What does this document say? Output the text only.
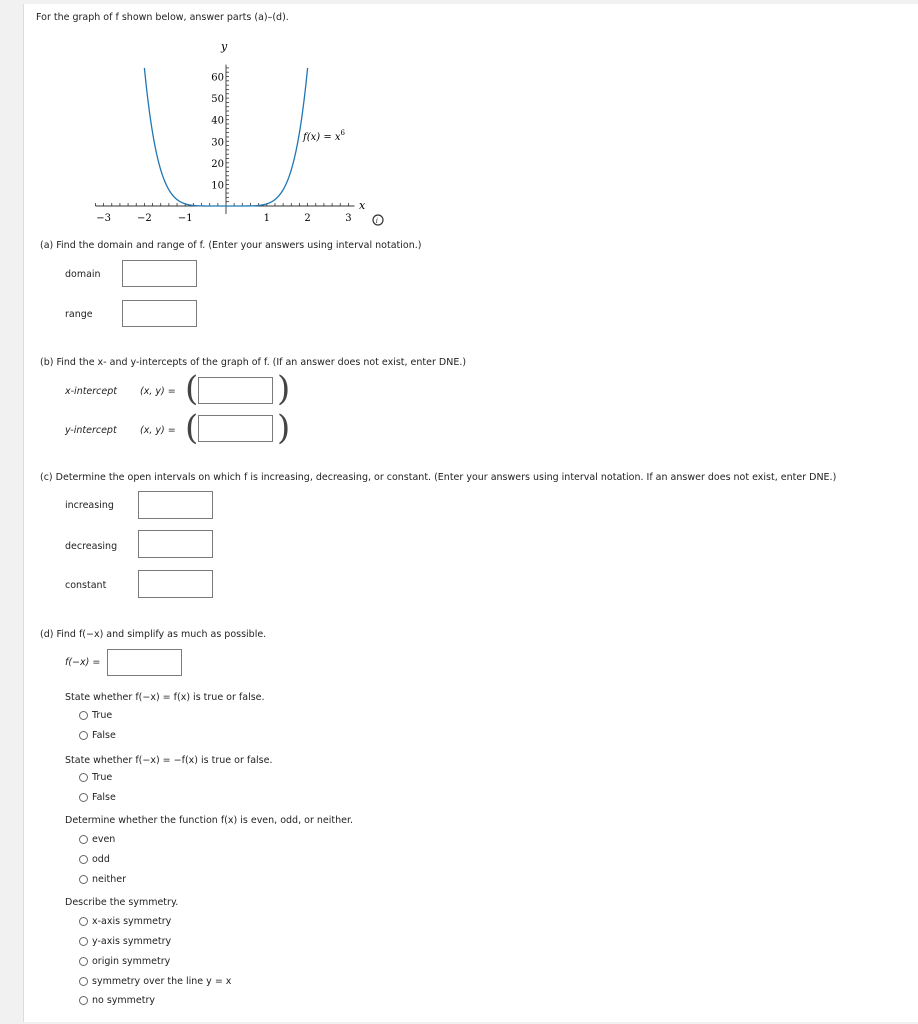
For the graph of f shown below, answer parts (a)–(d).
−3	−2	−1	1	2	3
10
20
30
40
50
60
y
x
$f(x) = x^6$
i
(a) Find the domain and range of f. (Enter your answers using interval notation.)
domain
range
(b) Find the x- and y-intercepts of the graph of f. (If an answer does not exist, enter DNE.)
x-intercept (x, y) = ( )
y-intercept (x, y) = ( )
(c) Determine the open intervals on which f is increasing, decreasing, or constant. (Enter your answers using interval notation. If an answer does not exist, enter DNE.)
increasing
decreasing
constant
(d) Find f(−x) and simplify as much as possible.
f(−x) =
State whether f(−x) = f(x) is true or false.
True
False
State whether f(−x) = −f(x) is true or false.
True
False
Determine whether the function f(x) is even, odd, or neither.
even
odd
neither
Describe the symmetry.
x-axis symmetry
y-axis symmetry
origin symmetry
symmetry over the line y = x
no symmetry
